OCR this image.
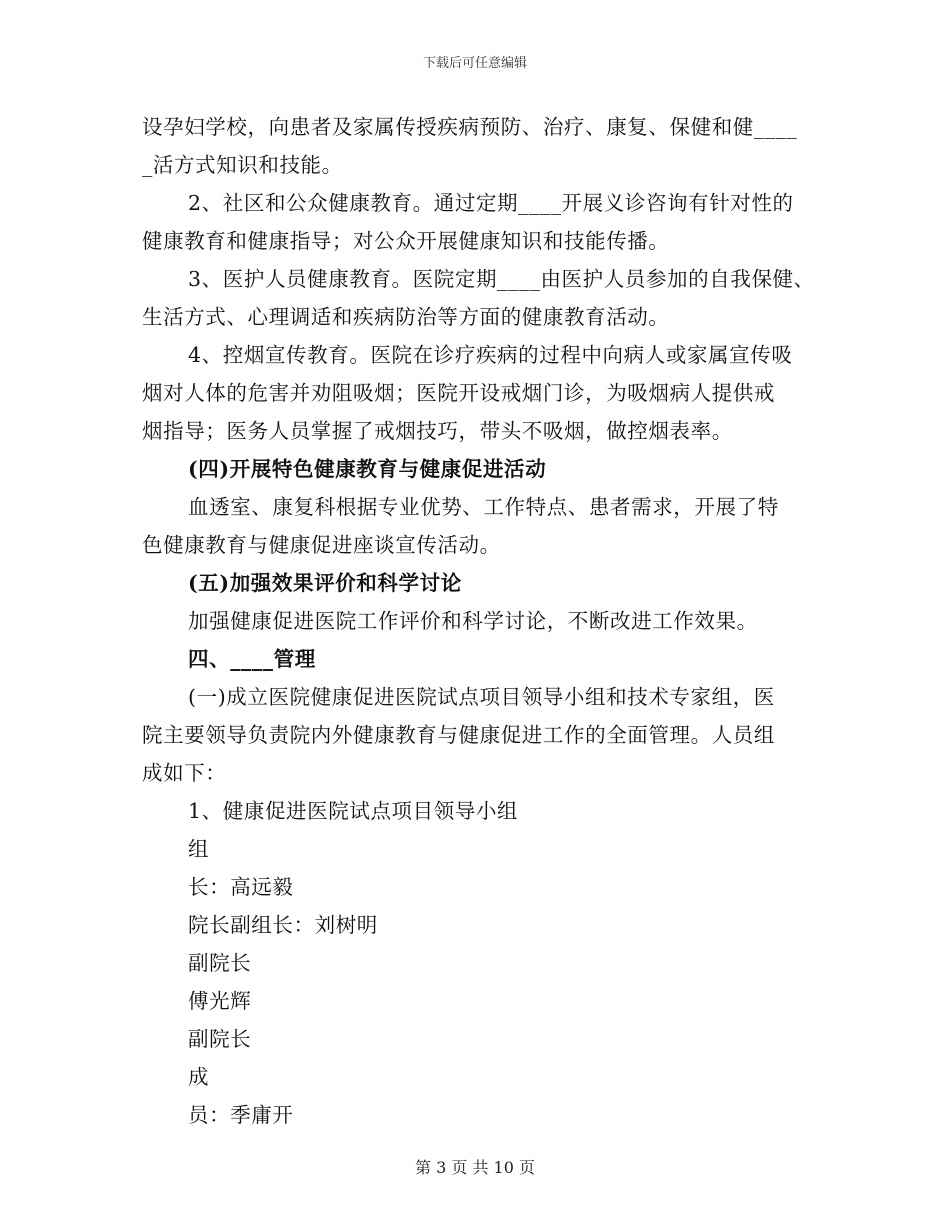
下载后可任意编辑
设孕妇学校，向患者及家属传授疾病预防、治疗、康复、保健和健____
_活方式知识和技能。
2、社区和公众健康教育。通过定期____开展义诊咨询有针对性的
健康教育和健康指导；对公众开展健康知识和技能传播。
3、医护人员健康教育。医院定期____由医护人员参加的自我保健、
生活方式、心理调适和疾病防治等方面的健康教育活动。
4、控烟宣传教育。医院在诊疗疾病的过程中向病人或家属宣传吸
烟对人体的危害并劝阻吸烟；医院开设戒烟门诊，为吸烟病人提供戒
烟指导；医务人员掌握了戒烟技巧，带头不吸烟，做控烟表率。
(四)开展特色健康教育与健康促进活动
血透室、康复科根据专业优势、工作特点、患者需求，开展了特
色健康教育与健康促进座谈宣传活动。
(五)加强效果评价和科学讨论
加强健康促进医院工作评价和科学讨论，不断改进工作效果。
四、____管理
(一)成立医院健康促进医院试点项目领导小组和技术专家组，医
院主要领导负责院内外健康教育与健康促进工作的全面管理。人员组
成如下：
1、健康促进医院试点项目领导小组
组
长：高远毅
院长副组长：刘树明
副院长
傅光辉
副院长
成
员：季庸开
第 3 页 共 10 页
